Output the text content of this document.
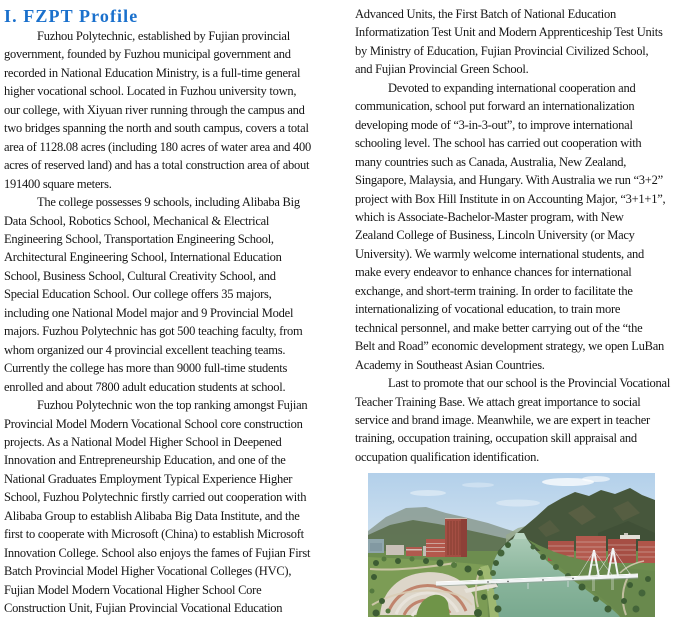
I. FZPT Profile
Fuzhou Polytechnic, established by Fujian provincial
government, founded by Fuzhou municipal government and
recorded in National Education Ministry, is a full-time general
higher vocational school. Located in Fuzhou university town,
our college, with Xiyuan river running through the campus and
two bridges spanning the north and south campus, covers a total
area of 1128.08 acres (including 180 acres of water area and 400
acres of reserved land) and has a total construction area of about
191400 square meters.
The college possesses 9 schools, including Alibaba Big
Data School, Robotics School, Mechanical & Electrical
Engineering School, Transportation Engineering School,
Architectural Engineering School, International Education
School, Business School, Cultural Creativity School, and
Special Education School. Our college offers 35 majors,
including one National Model major and 9 Provincial Model
majors. Fuzhou Polytechnic has got 500 teaching faculty, from
whom organized our 4 provincial excellent teaching teams.
Currently the college has more than 9000 full-time students
enrolled and about 7800 adult education students at school.
Fuzhou Polytechnic won the top ranking amongst Fujian
Provincial Model Modern Vocational School core construction
projects. As a National Model Higher School in Deepened
Innovation and Entrepreneurship Education, and one of the
National Graduates Employment Typical Experience Higher
School, Fuzhou Polytechnic firstly carried out cooperation with
Alibaba Group to establish Alibaba Big Data Institute, and the
first to cooperate with Microsoft (China) to establish Microsoft
Innovation College. School also enjoys the fames of Fujian First
Batch Provincial Model Higher Vocational Colleges (HVC),
Fujian Model Modern Vocational Higher School Core
Construction Unit, Fujian Provincial Vocational Education
Advanced Units, the First Batch of National Education
Informatization Test Unit and Modern Apprenticeship Test Units
by Ministry of Education, Fujian Provincial Civilized School,
and Fujian Provincial Green School.
Devoted to expanding international cooperation and
communication, school put forward an internationalization
developing mode of “3-in-3-out”, to improve international
schooling level. The school has carried out cooperation with
many countries such as Canada, Australia, New Zealand,
Singapore, Malaysia, and Hungary. With Australia we run “3+2”
project with Box Hill Institute in on Accounting Major, “3+1+1”,
which is Associate-Bachelor-Master program, with New
Zealand College of Business, Lincoln University (or Macy
University). We warmly welcome international students, and
make every endeavor to enhance chances for international
exchange, and short-term training. In order to facilitate the
internationalizing of vocational education, to train more
technical personnel, and make better carrying out of the “the
Belt and Road” economic development strategy, we open LuBan
Academy in Southeast Asian Countries.
Last to promote that our school is the Provincial Vocational
Teacher Training Base. We attach great importance to social
service and brand image. Meanwhile, we are expert in teacher
training, occupation training, occupation skill appraisal and
occupation qualification identification.
